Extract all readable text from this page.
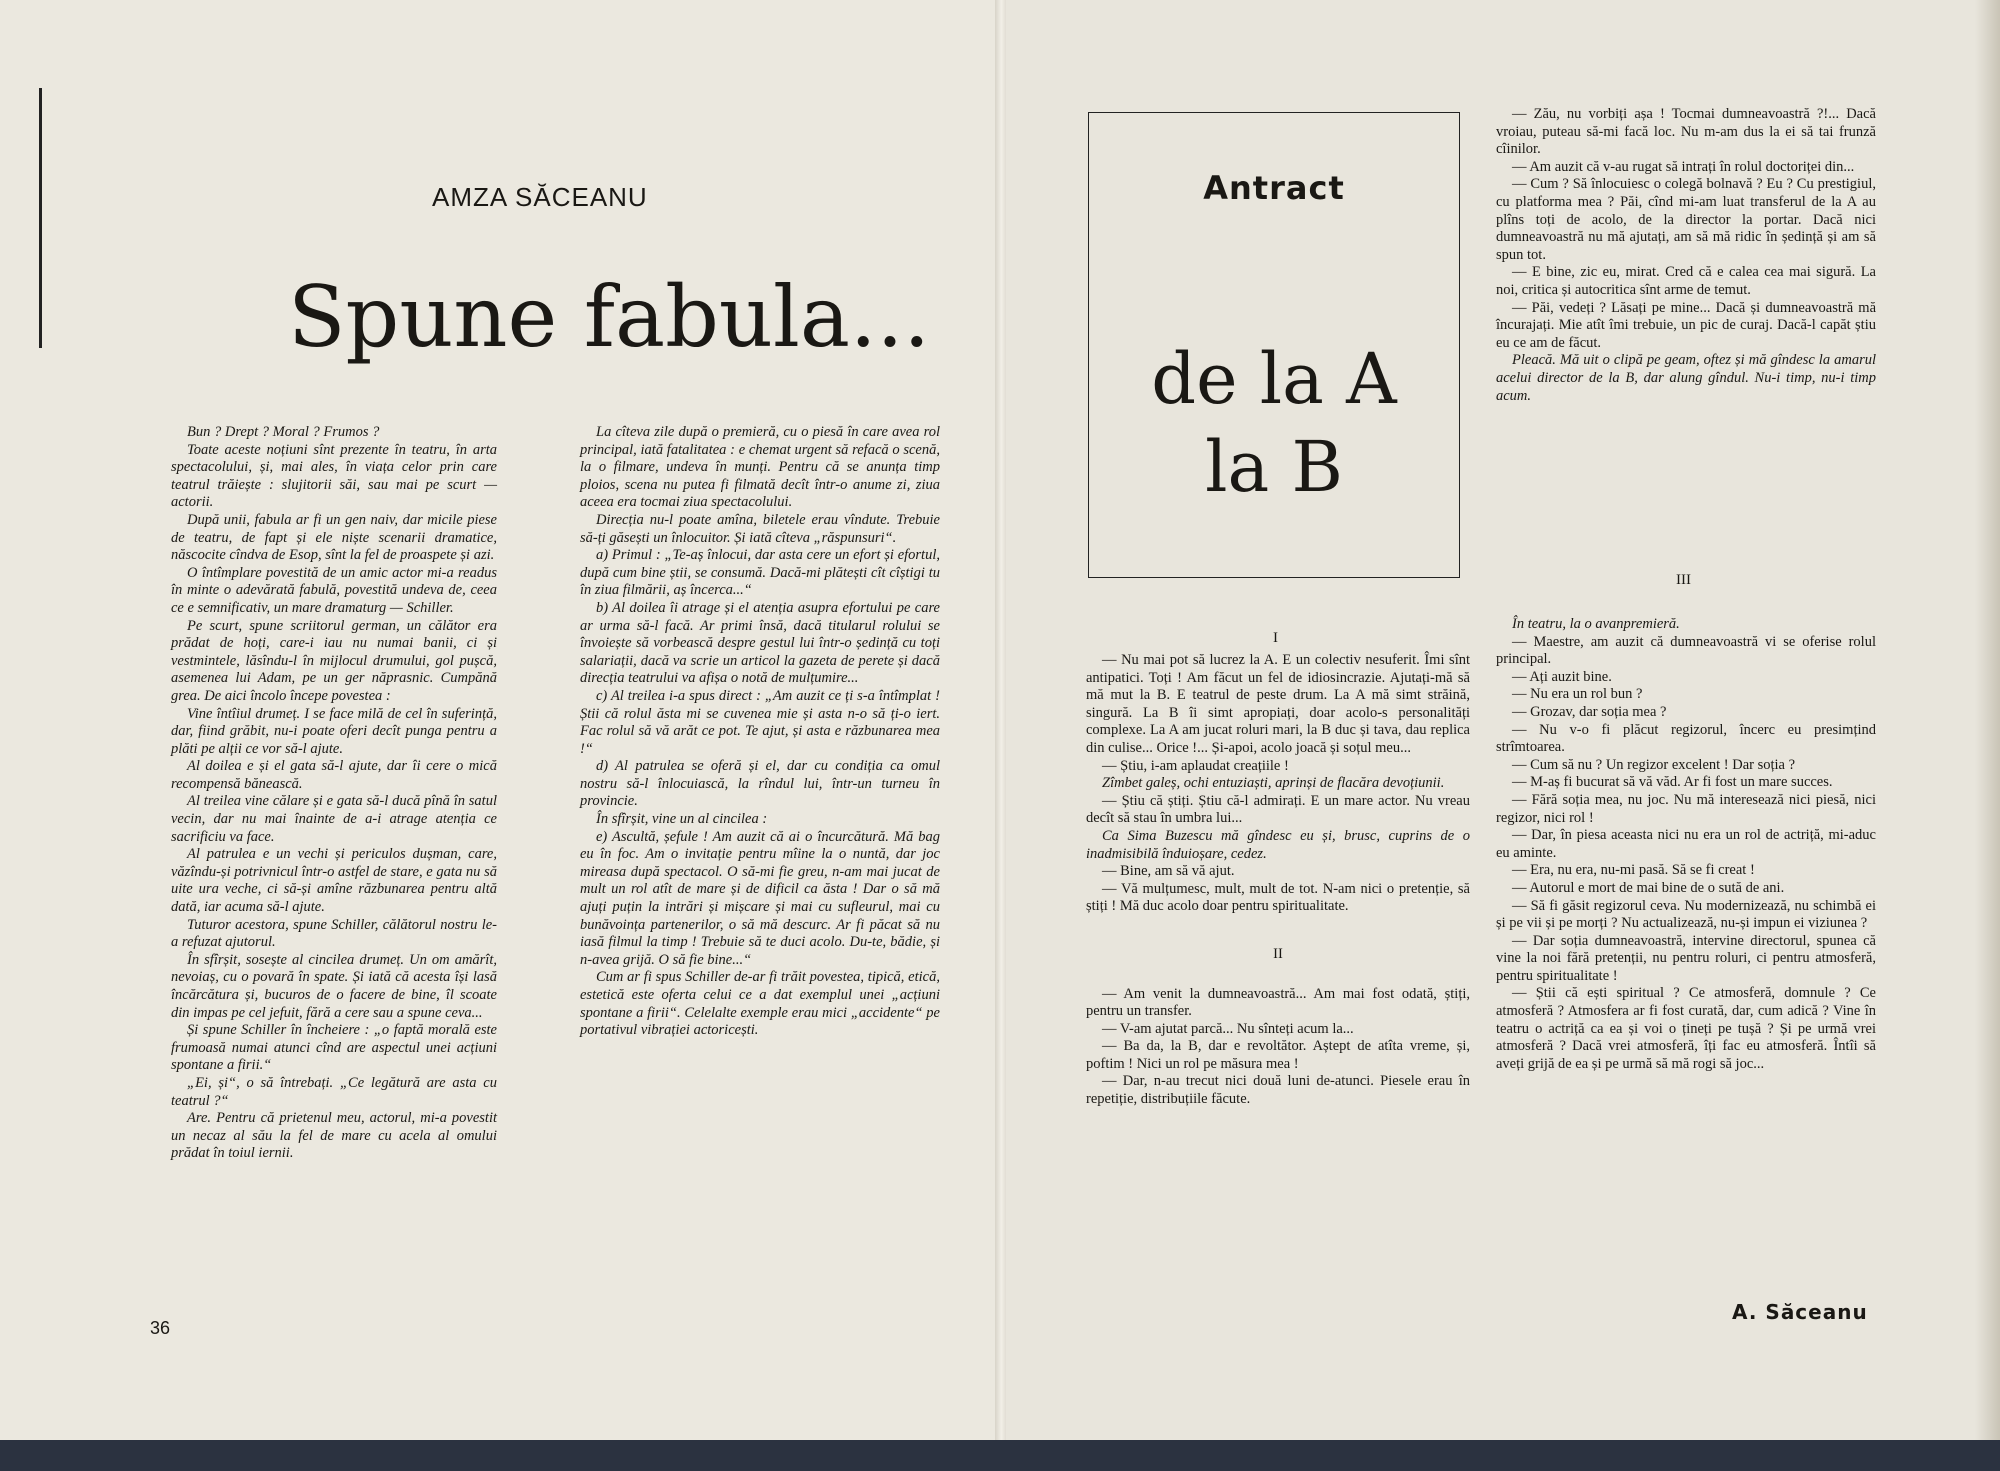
AMZA SĂCEANU
Spune fabula...

Bun ? Drept ? Moral ? Frumos ?

Toate aceste noțiuni sînt prezente în teatru, în arta spectacolului, și, mai ales, în viața celor prin care teatrul trăiește : slujitorii săi, sau mai pe scurt — actorii.

După unii, fabula ar fi un gen naiv, dar micile piese de teatru, de fapt și ele niște scenarii dramatice, născocite cîndva de Esop, sînt la fel de proaspete și azi.

O întîmplare povestită de un amic actor mi-a readus în minte o adevărată fabulă, povestită undeva de, ceea ce e semnificativ, un mare dramaturg — Schiller.

Pe scurt, spune scriitorul german, un călător era prădat de hoți, care-i iau nu numai banii, ci și vestmintele, lăsîndu-l în mijlocul drumului, gol pușcă, asemenea lui Adam, pe un ger năprasnic. Cumpănă grea. De aici încolo începe povestea :

Vine întîiul drumeț. I se face milă de cel în suferință, dar, fiind grăbit, nu-i poate oferi decît punga pentru a plăti pe alții ce vor să-l ajute.

Al doilea e și el gata să-l ajute, dar îi cere o mică recompensă bănească.

Al treilea vine călare și e gata să-l ducă pînă în satul vecin, dar nu mai înainte de a-i atrage atenția ce sacrificiu va face.

Al patrulea e un vechi și periculos dușman, care, văzîndu-și potrivnicul într-o astfel de stare, e gata nu să uite ura veche, ci să-și amîne răzbunarea pentru altă dată, iar acuma să-l ajute.

Tuturor acestora, spune Schiller, călătorul nostru le-a refuzat ajutorul.

În sfîrșit, sosește al cincilea drumeț. Un om amărît, nevoiaș, cu o povară în spate. Și iată că acesta își lasă încărcătura și, bucuros de o facere de bine, îl scoate din impas pe cel jefuit, fără a cere sau a spune ceva...

Și spune Schiller în încheiere : „o faptă morală este frumoasă numai atunci cînd are aspectul unei acțiuni spontane a firii.“

„Ei, și“, o să întrebați. „Ce legătură are asta cu teatrul ?“

Are. Pentru că prietenul meu, actorul, mi-a povestit un necaz al său la fel de mare cu acela al omului prădat în toiul iernii.

La cîteva zile după o premieră, cu o piesă în care avea rol principal, iată fatalitatea : e chemat urgent să refacă o scenă, la o filmare, undeva în munți. Pentru că se anunța timp ploios, scena nu putea fi filmată decît într-o anume zi, ziua aceea era tocmai ziua spectacolului.

Direcția nu-l poate amîna, biletele erau vîndute. Trebuie să-ți găsești un înlocuitor. Și iată cîteva „răspunsuri“.

a) Primul : „Te-aș înlocui, dar asta cere un efort și efortul, după cum bine știi, se consumă. Dacă-mi plătești cît cîștigi tu în ziua filmării, aș încerca...“

b) Al doilea îi atrage și el atenția asupra efortului pe care ar urma să-l facă. Ar primi însă, dacă titularul rolului se învoiește să vorbească despre gestul lui într-o ședință cu toți salariații, dacă va scrie un articol la gazeta de perete și dacă direcția teatrului va afișa o notă de mulțumire...

c) Al treilea i-a spus direct : „Am auzit ce ți s-a întîmplat ! Știi că rolul ăsta mi se cuvenea mie și asta n-o să ți-o iert. Fac rolul să vă arăt ce pot. Te ajut, și asta e răzbunarea mea !“

d) Al patrulea se oferă și el, dar cu condiția ca omul nostru să-l înlocuiască, la rîndul lui, într-un turneu în provincie.

În sfîrșit, vine un al cincilea :

e) Ascultă, șefule ! Am auzit că ai o încurcătură. Mă bag eu în foc. Am o invitație pentru mîine la o nuntă, dar joc mireasa după spectacol. O să-mi fie greu, n-am mai jucat de mult un rol atît de mare și de dificil ca ăsta ! Dar o să mă ajuți puțin la intrări și mișcare și mai cu sufleurul, mai cu bunăvoința partenerilor, o să mă descurc. Ar fi păcat să nu iasă filmul la timp ! Trebuie să te duci acolo. Du-te, bădie, și n-avea grijă. O să fie bine...“

Cum ar fi spus Schiller de-ar fi trăit povestea, tipică, etică, estetică este oferta celui ce a dat exemplul unei „acțiuni spontane a firii“. Celelalte exemple erau mici „accidente“ pe portativul vibrației actoricești.

36
Antract
de la A
la B
I

— Nu mai pot să lucrez la A. E un colectiv nesuferit. Îmi sînt antipatici. Toți ! Am făcut un fel de idiosincrazie. Ajutați-mă să mă mut la B. E teatrul de peste drum. La A mă simt străină, singură. La B îi simt apropiați, doar acolo-s personalități complexe. La A am jucat roluri mari, la B duc și tava, dau replica din culise... Orice !... Și-apoi, acolo joacă și soțul meu...

— Știu, i-am aplaudat creațiile !

Zîmbet galeș, ochi entuziaști, aprinși de flacăra devoțiunii.

— Știu că știți. Știu că-l admirați. E un mare actor. Nu vreau decît să stau în umbra lui...

Ca Sima Buzescu mă gîndesc eu și, brusc, cuprins de o inadmisibilă înduioșare, cedez.

— Bine, am să vă ajut.

— Vă mulțumesc, mult, mult de tot. N-am nici o pretenție, să știți ! Mă duc acolo doar pentru spiritualitate.

II

— Am venit la dumneavoastră... Am mai fost odată, știți, pentru un transfer.

— V-am ajutat parcă... Nu sînteți acum la...

— Ba da, la B, dar e revoltător. Aștept de atîta vreme, și, poftim ! Nici un rol pe măsura mea !

— Dar, n-au trecut nici două luni de-atunci. Piesele erau în repetiție, distribuțiile făcute.

— Zău, nu vorbiți așa ! Tocmai dumneavoastră ?!... Dacă vroiau, puteau să-mi facă loc. Nu m-am dus la ei să tai frunză cîinilor.

— Am auzit că v-au rugat să intrați în rolul doctoriței din...

— Cum ? Să înlocuiesc o colegă bolnavă ? Eu ? Cu prestigiul, cu platforma mea ? Păi, cînd mi-am luat transferul de la A au plîns toți de acolo, de la director la portar. Dacă nici dumneavoastră nu mă ajutați, am să mă ridic în ședință și am să spun tot.

— E bine, zic eu, mirat. Cred că e calea cea mai sigură. La noi, critica și autocritica sînt arme de temut.

— Păi, vedeți ? Lăsați pe mine... Dacă și dumneavoastră mă încurajați. Mie atît îmi trebuie, un pic de curaj. Dacă-l capăt știu eu ce am de făcut.

Pleacă. Mă uit o clipă pe geam, oftez și mă gîndesc la amarul acelui director de la B, dar alung gîndul. Nu-i timp, nu-i timp acum.

III

În teatru, la o avanpremieră.

— Maestre, am auzit că dumneavoastră vi se oferise rolul principal.

— Ați auzit bine.

— Nu era un rol bun ?

— Grozav, dar soția mea ?

— Nu v-o fi plăcut regizorul, încerc eu presimțind strîmtoarea.

— Cum să nu ? Un regizor excelent ! Dar soția ?

— M-aș fi bucurat să vă văd. Ar fi fost un mare succes.

— Fără soția mea, nu joc. Nu mă interesează nici piesă, nici regizor, nici rol !

— Dar, în piesa aceasta nici nu era un rol de actriță, mi-aduc eu aminte.

— Era, nu era, nu-mi pasă. Să se fi creat !

— Autorul e mort de mai bine de o sută de ani.

— Să fi găsit regizorul ceva. Nu modernizează, nu schimbă ei și pe vii și pe morți ? Nu actualizează, nu-și impun ei viziunea ?

— Dar soția dumneavoastră, intervine directorul, spunea că vine la noi fără pretenții, nu pentru roluri, ci pentru atmosferă, pentru spiritualitate !

— Știi că ești spiritual ? Ce atmosferă, domnule ? Ce atmosferă ? Atmosfera ar fi fost curată, dar, cum adică ? Vine în teatru o actriță ca ea și voi o țineți pe tușă ? Și pe urmă vrei atmosferă ? Dacă vrei atmosferă, îți fac eu atmosferă. Întîi să aveți grijă de ea și pe urmă să mă rogi să joc...

A. Săceanu
